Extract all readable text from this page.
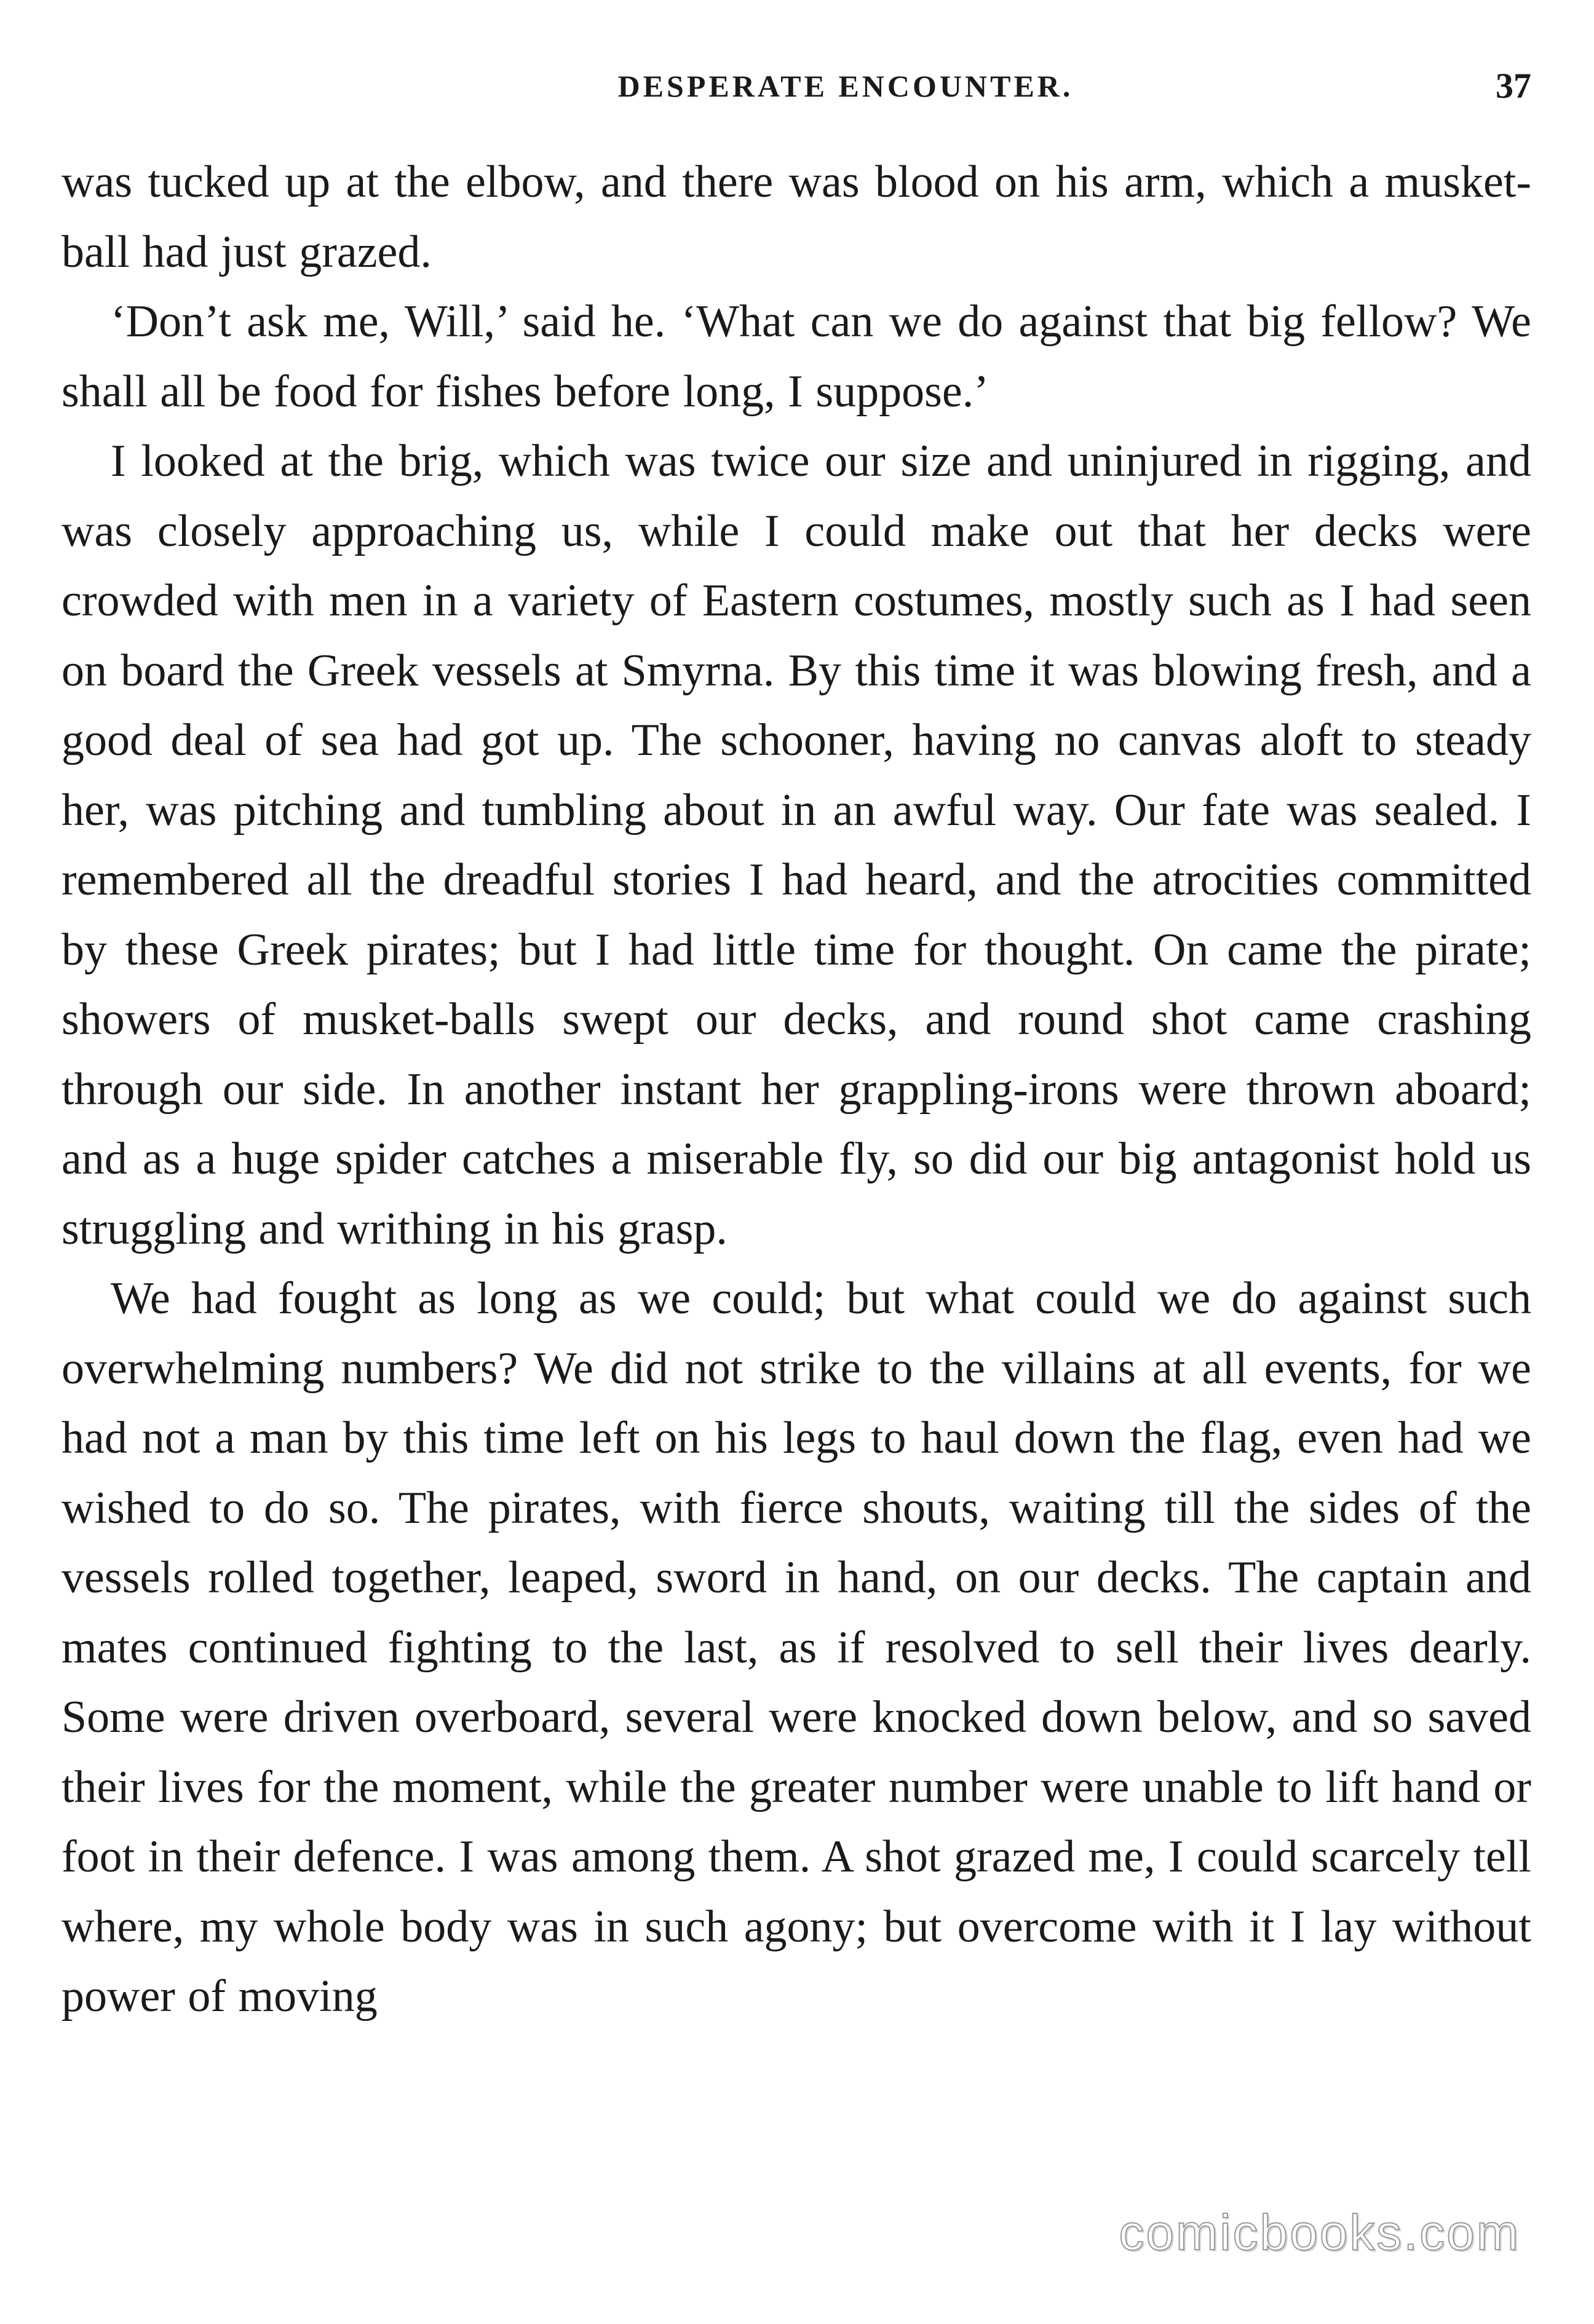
DESPERATE ENCOUNTER.	37

was tucked up at the elbow, and there was blood on his arm, which a musket-ball had just grazed.

‘Don’t ask me, Will,’ said he. ‘What can we do against that big fellow? We shall all be food for fishes before long, I suppose.’

I looked at the brig, which was twice our size and uninjured in rigging, and was closely approaching us, while I could make out that her decks were crowded with men in a variety of Eastern costumes, mostly such as I had seen on board the Greek vessels at Smyrna. By this time it was blowing fresh, and a good deal of sea had got up. The schooner, having no canvas aloft to steady her, was pitching and tumbling about in an awful way. Our fate was sealed. I remembered all the dreadful stories I had heard, and the atrocities committed by these Greek pirates; but I had little time for thought. On came the pirate; showers of musket-balls swept our decks, and round shot came crashing through our side. In another instant her grappling-irons were thrown aboard; and as a huge spider catches a miserable fly, so did our big antagonist hold us struggling and writhing in his grasp.

We had fought as long as we could; but what could we do against such overwhelming numbers? We did not strike to the villains at all events, for we had not a man by this time left on his legs to haul down the flag, even had we wished to do so. The pirates, with fierce shouts, waiting till the sides of the vessels rolled together, leaped, sword in hand, on our decks. The captain and mates continued fighting to the last, as if resolved to sell their lives dearly. Some were driven overboard, several were knocked down below, and so saved their lives for the moment, while the greater number were unable to lift hand or foot in their defence. I was among them. A shot grazed me, I could scarcely tell where, my whole body was in such agony; but overcome with it I lay without power of moving

comicbooks.com
